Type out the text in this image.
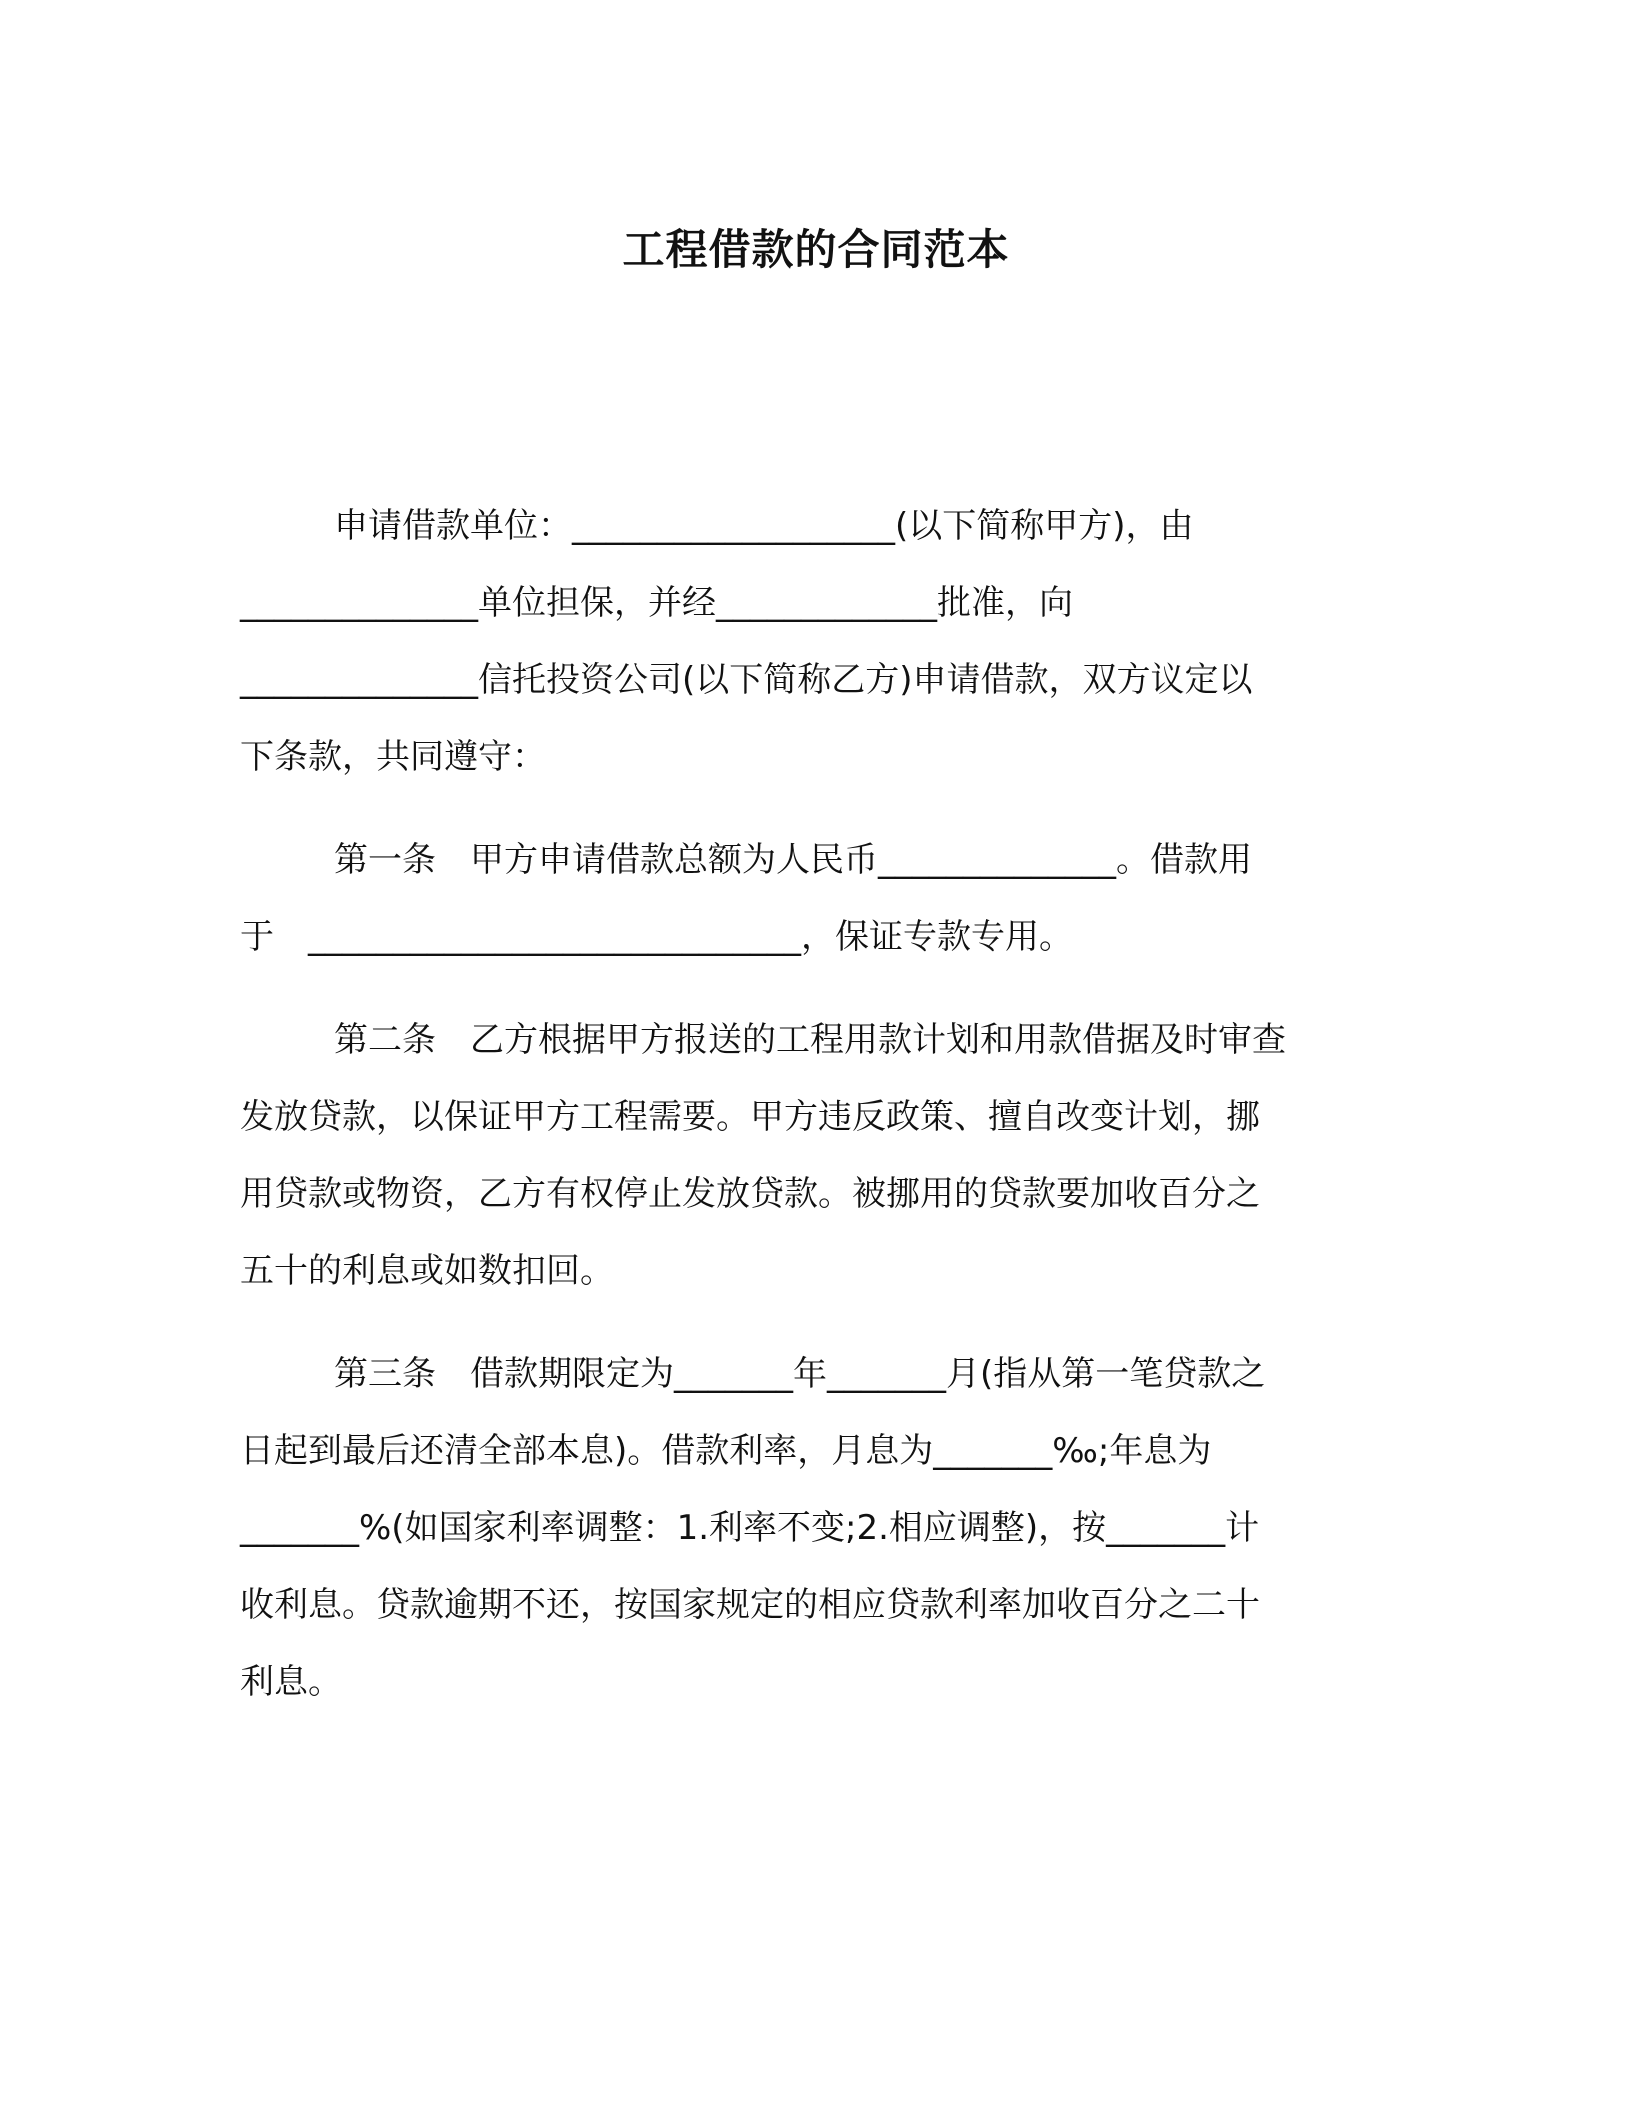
工程借款的合同范本

申请借款单位：___________________(以下简称甲方)，由
______________单位担保，并经_____________批准，向
______________信托投资公司(以下简称乙方)申请借款，双方议定以
下条款，共同遵守：

第一条　甲方申请借款总额为人民币______________。借款用
于　_____________________________，保证专款专用。

第二条　乙方根据甲方报送的工程用款计划和用款借据及时审查
发放贷款，以保证甲方工程需要。甲方违反政策、擅自改变计划，挪
用贷款或物资，乙方有权停止发放贷款。被挪用的贷款要加收百分之
五十的利息或如数扣回。

第三条　借款期限定为_______年_______月(指从第一笔贷款之
日起到最后还清全部本息)。借款利率，月息为_______‰;年息为
_______%(如国家利率调整：1.利率不变;2.相应调整)，按_______计
收利息。贷款逾期不还，按国家规定的相应贷款利率加收百分之二十
利息。
